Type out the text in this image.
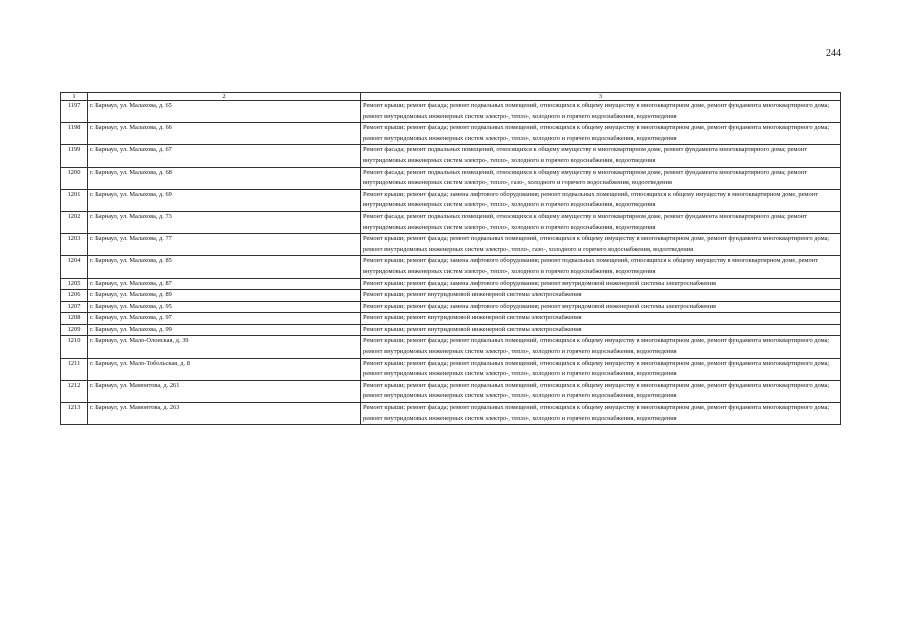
244
1	2	3
1197	г. Барнаул, ул. Малахова, д. 65	Ремонт крыши; ремонт фасада; ремонт подвальных помещений, относящихся к общему имуществу в многоквартирном доме, ремонт фундамента многоквартирного дома; ремонт внутридомовых инженерных систем электро-, тепло-, холодного и горячего водоснабжения, водоотведения
1198	г. Барнаул, ул. Малахова, д. 66	Ремонт крыши; ремонт фасада; ремонт подвальных помещений, относящихся к общему имуществу в многоквартирном доме, ремонт фундамента многоквартирного дома; ремонт внутридомовых инженерных систем электро-, тепло-, холодного и горячего водоснабжения, водоотведения
1199	г. Барнаул, ул. Малахова, д. 67	Ремонт фасада; ремонт подвальных помещений, относящихся к общему имуществу в многоквартирном доме, ремонт фундамента многоквартирного дома; ремонт внутридомовых инженерных систем электро-, тепло-, холодного и горячего водоснабжения, водоотведения
1200	г. Барнаул, ул. Малахова, д. 68	Ремонт фасада; ремонт подвальных помещений, относящихся к общему имуществу в многоквартирном доме, ремонт фундамента многоквартирного дома; ремонт внутридомовых инженерных систем электро-, тепло-, газо-, холодного и горячего водоснабжения, водоотведения
1201	г. Барнаул, ул. Малахова, д. 69	Ремонт крыши; ремонт фасада; замена лифтового оборудования; ремонт подвальных помещений, относящихся к общему имуществу в многоквартирном доме, ремонт внутридомовых инженерных систем электро-, тепло-, холодного и горячего водоснабжения, водоотведения
1202	г. Барнаул, ул. Малахова, д. 73	Ремонт фасада; ремонт подвальных помещений, относящихся к общему имуществу в многоквартирном доме, ремонт фундамента многоквартирного дома; ремонт внутридомовых инженерных систем электро-, тепло-, холодного и горячего водоснабжения, водоотведения
1203	г. Барнаул, ул. Малахова, д. 77	Ремонт крыши; ремонт фасада; ремонт подвальных помещений, относящихся к общему имуществу в многоквартирном доме, ремонт фундамента многоквартирного дома; ремонт внутридомовых инженерных систем электро-, тепло-, газо-, холодного и горячего водоснабжения, водоотведения
1204	г. Барнаул, ул. Малахова, д. 85	Ремонт крыши; ремонт фасада; замена лифтового оборудования; ремонт подвальных помещений, относящихся к общему имуществу в многоквартирном доме, ремонт внутридомовых инженерных систем электро-, тепло-, холодного и горячего водоснабжения, водоотведения
1205	г. Барнаул, ул. Малахова, д. 87	Ремонт крыши; ремонт фасада; замена лифтового оборудования; ремонт внутридомовой инженерной системы электроснабжения
1206	г. Барнаул, ул. Малахова, д. 89	Ремонт крыши; ремонт внутридомовой инженерной системы электроснабжения
1207	г. Барнаул, ул. Малахова, д. 95	Ремонт крыши; ремонт фасада; замена лифтового оборудования; ремонт внутридомовой инженерной системы электроснабжения
1208	г. Барнаул, ул. Малахова, д. 97	Ремонт крыши; ремонт внутридомовой инженерной системы электроснабжения
1209	г. Барнаул, ул. Малахова, д. 99	Ремонт крыши; ремонт внутридомовой инженерной системы электроснабжения
1210	г. Барнаул, ул. Мало-Олонская, д. 39	Ремонт крыши; ремонт фасада; ремонт подвальных помещений, относящихся к общему имуществу в многоквартирном доме, ремонт фундамента многоквартирного дома; ремонт внутридомовых инженерных систем электро-, тепло-, холодного и горячего водоснабжения, водоотведения
1211	г. Барнаул, ул. Мало-Тобольская, д. 8	Ремонт крыши; ремонт фасада; ремонт подвальных помещений, относящихся к общему имуществу в многоквартирном доме, ремонт фундамента многоквартирного дома; ремонт внутридомовых инженерных систем электро-, тепло-, холодного и горячего водоснабжения, водоотведения
1212	г. Барнаул, ул. Мамонтова, д. 261	Ремонт крыши; ремонт фасада; ремонт подвальных помещений, относящихся к общему имуществу в многоквартирном доме, ремонт фундамента многоквартирного дома; ремонт внутридомовых инженерных систем электро-, тепло-, холодного и горячего водоснабжения, водоотведения
1213	г. Барнаул, ул. Мамонтова, д. 263	Ремонт крыши; ремонт фасада; ремонт подвальных помещений, относящихся к общему имуществу в многоквартирном доме, ремонт фундамента многоквартирного дома; ремонт внутридомовых инженерных систем электро-, тепло-, холодного и горячего водоснабжения, водоотведения
